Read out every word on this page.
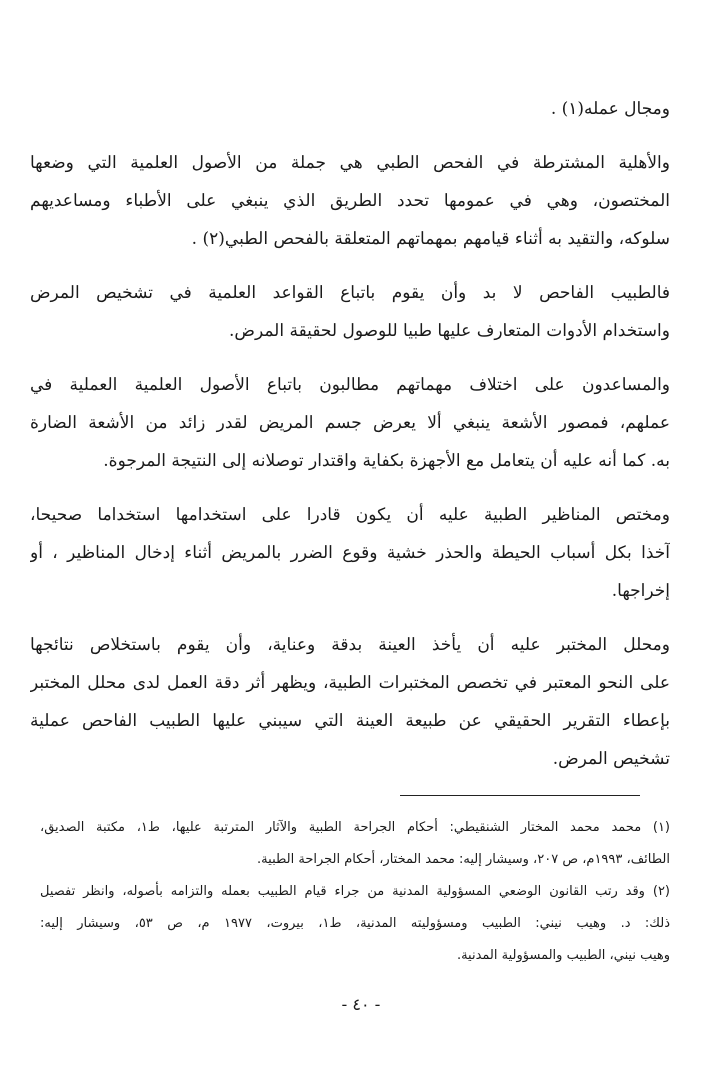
ومجال عمله(١) .
والأهلية المشترطة في الفحص الطبي هي جملة من الأصول العلمية التي وضعها
المختصون، وهي في عمومها تحدد الطريق الذي ينبغي على الأطباء ومساعديهم
سلوكه، والتقيد به أثناء قيامهم بمهماتهم المتعلقة بالفحص الطبي(٢) .
فالطبيب الفاحص لا بد وأن يقوم باتباع القواعد العلمية في تشخيص المرض
واستخدام الأدوات المتعارف عليها طبيا للوصول لحقيقة المرض.
والمساعدون على اختلاف مهماتهم مطالبون باتباع الأصول العلمية العملية في
عملهم، فمصور الأشعة ينبغي ألا يعرض جسم المريض لقدر زائد من الأشعة الضارة
به. كما أنه عليه أن يتعامل مع الأجهزة بكفاية واقتدار توصلانه إلى النتيجة المرجوة.
ومختص المناظير الطبية عليه أن يكون قادرا على استخدامها استخداما صحيحا،
آخذا بكل أسباب الحيطة والحذر خشية وقوع الضرر بالمريض أثناء إدخال المناظير ، أو
إخراجها.
ومحلل المختبر عليه أن يأخذ العينة بدقة وعناية، وأن يقوم باستخلاص نتائجها
على النحو المعتبر في تخصص المختبرات الطبية، ويظهر أثر دقة العمل لدى محلل المختبر
بإعطاء التقرير الحقيقي عن طبيعة العينة التي سيبني عليها الطبيب الفاحص عملية
تشخيص المرض.
(١) محمد محمد المختار الشنقيطي: أحكام الجراحة الطبية والآثار المترتبة عليها، ط١، مكتبة الصديق،
الطائف، ١٩٩٣م، ص ٢٠٧، وسيشار إليه: محمد المختار، أحكام الجراحة الطبية.
(٢) وقد رتب القانون الوضعي المسؤولية المدنية من جراء قيام الطبيب بعمله والتزامه بأصوله، وانظر تفصيل
ذلك: د. وهيب نيني: الطبيب ومسؤوليته المدنية، ط١، بيروت، ١٩٧٧ م، ص ٥٣، وسيشار إليه:
وهيب نيني، الطبيب والمسؤولية المدنية.
- ٤٠ -
